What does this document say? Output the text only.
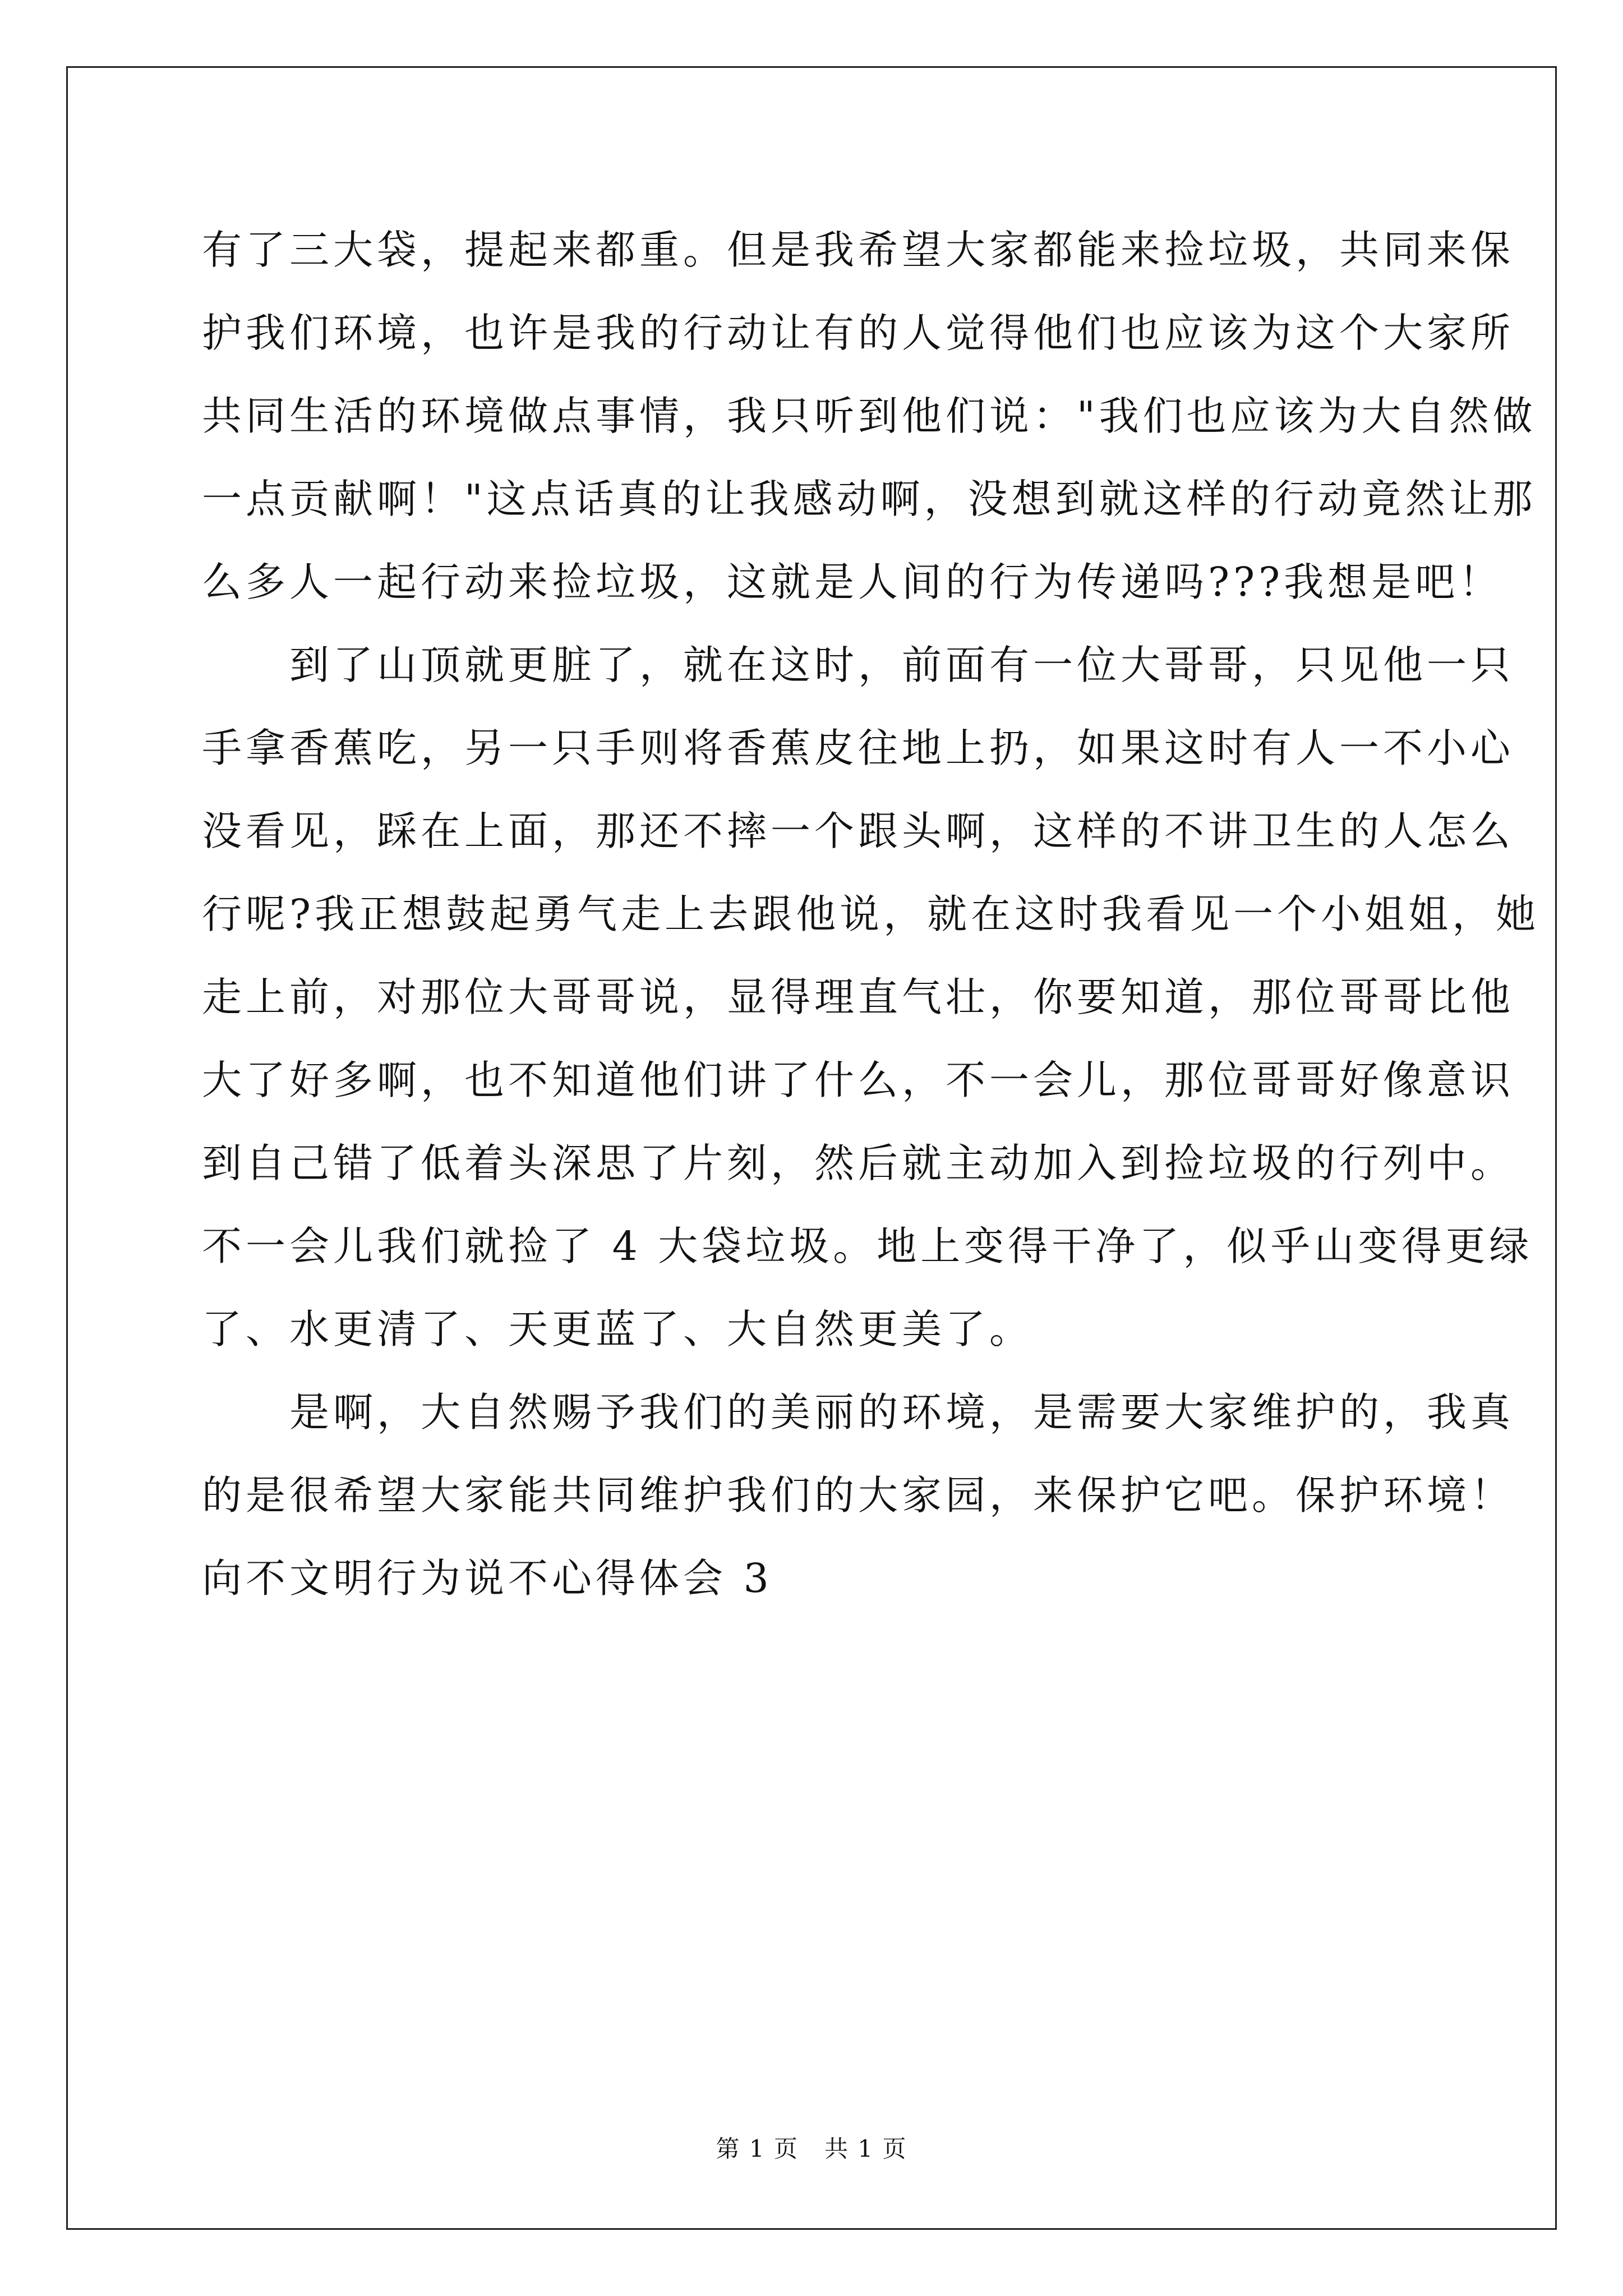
有了三大袋，提起来都重。但是我希望大家都能来捡垃圾，共同来保
护我们环境，也许是我的行动让有的人觉得他们也应该为这个大家所
共同生活的环境做点事情，我只听到他们说："我们也应该为大自然做
一点贡献啊！"这点话真的让我感动啊，没想到就这样的行动竟然让那
么多人一起行动来捡垃圾，这就是人间的行为传递吗???我想是吧！
　　到了山顶就更脏了，就在这时，前面有一位大哥哥，只见他一只
手拿香蕉吃，另一只手则将香蕉皮往地上扔，如果这时有人一不小心
没看见，踩在上面，那还不摔一个跟头啊，这样的不讲卫生的人怎么
行呢?我正想鼓起勇气走上去跟他说，就在这时我看见一个小姐姐，她
走上前，对那位大哥哥说，显得理直气壮，你要知道，那位哥哥比他
大了好多啊，也不知道他们讲了什么，不一会儿，那位哥哥好像意识
到自己错了低着头深思了片刻，然后就主动加入到捡垃圾的行列中。
不一会儿我们就捡了 4 大袋垃圾。地上变得干净了，似乎山变得更绿
了、水更清了、天更蓝了、大自然更美了。
　　是啊，大自然赐予我们的美丽的环境，是需要大家维护的，我真
的是很希望大家能共同维护我们的大家园，来保护它吧。保护环境！
向不文明行为说不心得体会 3
第 1 页   共 1 页
